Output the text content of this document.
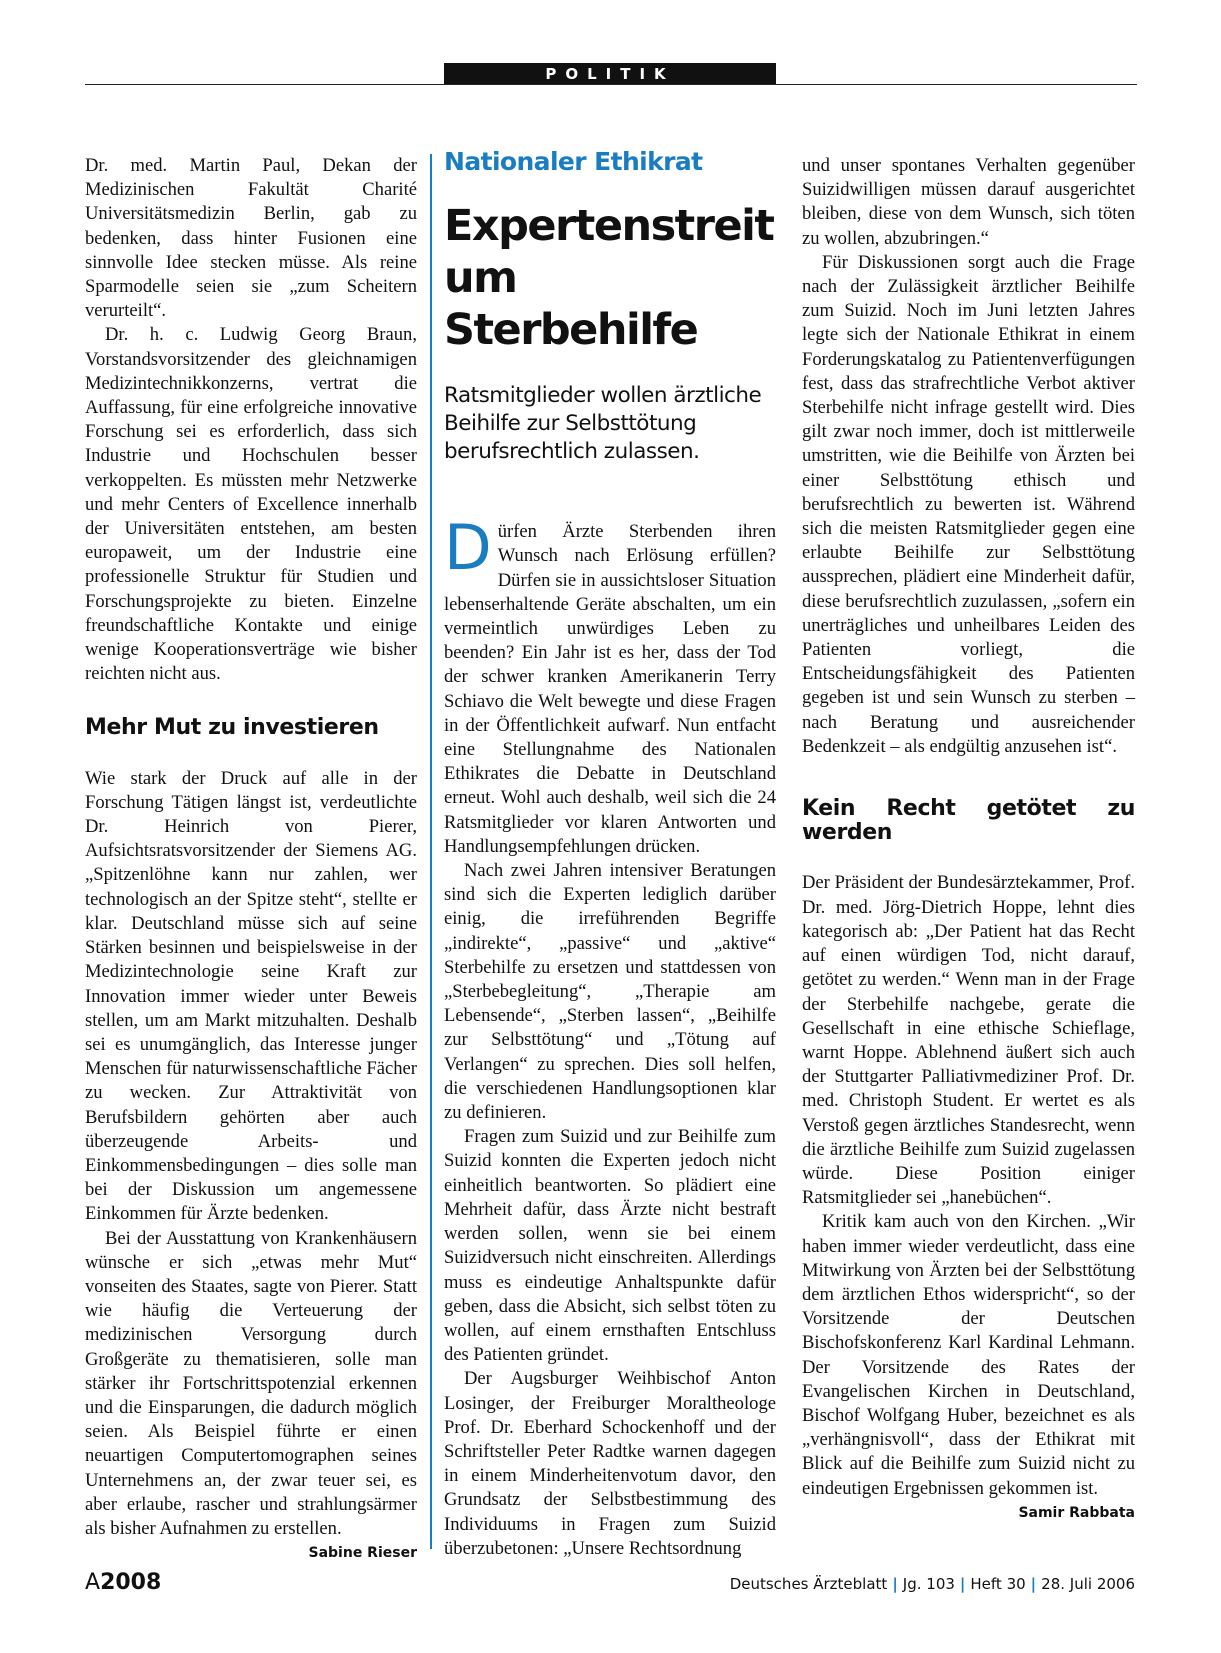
POLITIK

Dr. med. Martin Paul, Dekan der Medizinischen Fakultät Charité Universitätsmedizin Berlin, gab zu bedenken, dass hinter Fusionen eine sinnvolle Idee stecken müsse. Als reine Sparmodelle seien sie „zum Scheitern verurteilt“.

Dr. h. c. Ludwig Georg Braun, Vorstandsvorsitzender des gleichnamigen Medizintechnikkonzerns, vertrat die Auffassung, für eine erfolgreiche innovative Forschung sei es erforderlich, dass sich Industrie und Hochschulen besser verkoppelten. Es müssten mehr Netzwerke und mehr Centers of Excellence innerhalb der Universitäten entstehen, am besten europaweit, um der Industrie eine professionelle Struktur für Studien und Forschungsprojekte zu bieten. Einzelne freundschaftliche Kontakte und einige wenige Kooperationsverträge wie bisher reichten nicht aus.

Mehr Mut zu investieren

Wie stark der Druck auf alle in der Forschung Tätigen längst ist, verdeutlichte Dr. Heinrich von Pierer, Aufsichtsratsvorsitzender der Siemens AG. „Spitzenlöhne kann nur zahlen, wer technologisch an der Spitze steht“, stellte er klar. Deutschland müsse sich auf seine Stärken besinnen und beispielsweise in der Medizintechnologie seine Kraft zur Innovation immer wieder unter Beweis stellen, um am Markt mitzuhalten. Deshalb sei es unumgänglich, das Interesse junger Menschen für naturwissenschaftliche Fächer zu wecken. Zur Attraktivität von Berufsbildern gehörten aber auch überzeugende Arbeits- und Einkommensbedingungen – dies solle man bei der Diskussion um angemessene Einkommen für Ärzte bedenken.

Bei der Ausstattung von Krankenhäusern wünsche er sich „etwas mehr Mut“ vonseiten des Staates, sagte von Pierer. Statt wie häufig die Verteuerung der medizinischen Versorgung durch Großgeräte zu thematisieren, solle man stärker ihr Fortschrittspotenzial erkennen und die Einsparungen, die dadurch möglich seien. Als Beispiel führte er einen neuartigen Computertomographen seines Unternehmens an, der zwar teuer sei, es aber erlaube, rascher und strahlungsärmer als bisher Aufnahmen zu erstellen.
Sabine Rieser

Nationaler Ethikrat
Expertenstreit
um Sterbehilfe
Ratsmitglieder wollen ärztliche Beihilfe zur Selbsttötung berufsrechtlich zulassen.

Dürfen Ärzte Sterbenden ihren Wunsch nach Erlösung erfüllen? Dürfen sie in aussichtsloser Situation lebenserhaltende Geräte abschalten, um ein vermeintlich unwürdiges Leben zu beenden? Ein Jahr ist es her, dass der Tod der schwer kranken Amerikanerin Terry Schiavo die Welt bewegte und diese Fragen in der Öffentlichkeit aufwarf. Nun entfacht eine Stellungnahme des Nationalen Ethikrates die Debatte in Deutschland erneut. Wohl auch deshalb, weil sich die 24 Ratsmitglieder vor klaren Antworten und Handlungsempfehlungen drücken.

Nach zwei Jahren intensiver Beratungen sind sich die Experten lediglich darüber einig, die irreführenden Begriffe „indirekte“, „passive“ und „aktive“ Sterbehilfe zu ersetzen und stattdessen von „Sterbebegleitung“, „Therapie am Lebensende“, „Sterben lassen“, „Beihilfe zur Selbsttötung“ und „Tötung auf Verlangen“ zu sprechen. Dies soll helfen, die verschiedenen Handlungsoptionen klar zu definieren.

Fragen zum Suizid und zur Beihilfe zum Suizid konnten die Experten jedoch nicht einheitlich beantworten. So plädiert eine Mehrheit dafür, dass Ärzte nicht bestraft werden sollen, wenn sie bei einem Suizidversuch nicht einschreiten. Allerdings muss es eindeutige Anhaltspunkte dafür geben, dass die Absicht, sich selbst töten zu wollen, auf einem ernsthaften Entschluss des Patienten gründet.

Der Augsburger Weihbischof Anton Losinger, der Freiburger Moraltheologe Prof. Dr. Eberhard Schockenhoff und der Schriftsteller Peter Radtke warnen dagegen in einem Minderheitenvotum davor, den Grundsatz der Selbstbestimmung des Individuums in Fragen zum Suizid überzubetonen: „Unsere Rechtsordnung

und unser spontanes Verhalten gegenüber Suizidwilligen müssen darauf ausgerichtet bleiben, diese von dem Wunsch, sich töten zu wollen, abzubringen.“

Für Diskussionen sorgt auch die Frage nach der Zulässigkeit ärztlicher Beihilfe zum Suizid. Noch im Juni letzten Jahres legte sich der Nationale Ethikrat in einem Forderungskatalog zu Patientenverfügungen fest, dass das strafrechtliche Verbot aktiver Sterbehilfe nicht infrage gestellt wird. Dies gilt zwar noch immer, doch ist mittlerweile umstritten, wie die Beihilfe von Ärzten bei einer Selbsttötung ethisch und berufsrechtlich zu bewerten ist. Während sich die meisten Ratsmitglieder gegen eine erlaubte Beihilfe zur Selbsttötung aussprechen, plädiert eine Minderheit dafür, diese berufsrechtlich zuzulassen, „sofern ein unerträgliches und unheilbares Leiden des Patienten vorliegt, die Entscheidungsfähigkeit des Patienten gegeben ist und sein Wunsch zu sterben – nach Beratung und ausreichender Bedenkzeit – als endgültig anzusehen ist“.

Kein Recht getötet zu werden

Der Präsident der Bundesärztekammer, Prof. Dr. med. Jörg-Dietrich Hoppe, lehnt dies kategorisch ab: „Der Patient hat das Recht auf einen würdigen Tod, nicht darauf, getötet zu werden.“ Wenn man in der Frage der Sterbehilfe nachgebe, gerate die Gesellschaft in eine ethische Schieflage, warnt Hoppe. Ablehnend äußert sich auch der Stuttgarter Palliativmediziner Prof. Dr. med. Christoph Student. Er wertet es als Verstoß gegen ärztliches Standesrecht, wenn die ärztliche Beihilfe zum Suizid zugelassen würde. Diese Position einiger Ratsmitglieder sei „hanebüchen“.

Kritik kam auch von den Kirchen. „Wir haben immer wieder verdeutlicht, dass eine Mitwirkung von Ärzten bei der Selbsttötung dem ärztlichen Ethos widerspricht“, so der Vorsitzende der Deutschen Bischofskonferenz Karl Kardinal Lehmann. Der Vorsitzende des Rates der Evangelischen Kirchen in Deutschland, Bischof Wolfgang Huber, bezeichnet es als „verhängnisvoll“, dass der Ethikrat mit Blick auf die Beihilfe zum Suizid nicht zu eindeutigen Ergebnissen gekommen ist.
Samir Rabbata

A2008	Deutsches Ärzteblatt | Jg. 103 | Heft 30 | 28. Juli 2006
